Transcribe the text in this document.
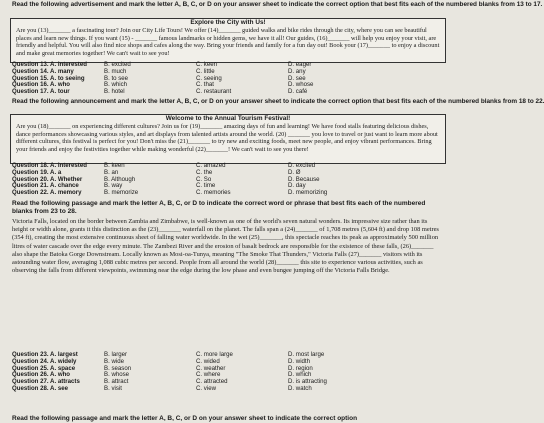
Read the following advertisement and mark the letter A, B, C, or D on your answer sheet to indicate the correct option that best fits each of the numbered blanks from 13 to 17.
Explore the City with Us!
Are you (13)_______ a fascinating tour? Join our City Life Tours! We offer (14)_______ guided walks and bike rides through the city, where you can see beautiful places and learn new things. If you want (15) - _______ famous landmarks or hidden gems, we have it all! Our guides, (16)_______ will help you enjoy your visit, are friendly and helpful. You will also find nice shops and cafes along the way. Bring your friends and family for a fun day out! Book your (17)_______ to enjoy a discount and make great memories together! We can't wait to see you!
Question 13. A. interested	B. excited	C. keen	D. eager
Question 14. A. many	B. much	C. little	D. any
Question 15. A. to seeing	B. to see	C. seeing	D. see
Question 16. A. who	B. which	C. that	D. whose
Question 17. A. tour	B. hotel	C. restaurant	D. café
Read the following announcement and mark the letter A, B, C, or D on your answer sheet to indicate the correct option that best fits each of the numbered blanks from 18 to 22.
Welcome to the Annual Tourism Festival!
Are you (18)_______ on experiencing different cultures? Join us for (19)_______ amazing days of fun and learning! We have food stalls featuring delicious dishes, dance performances showcasing various styles, and art displays from talented artists around the world. (20) _______ you love to travel or just want to learn more about different cultures, this festival is perfect for you! Don't miss the (21)_______ to try new and exciting foods, meet new people, and enjoy vibrant performances. Bring your friends and enjoy the festivities together while making wonderful (22)_______! We can't wait to see you there!
Question 18. A. interested	B. keen	C. amazed	D. excited
Question 19. A. a	B. an	C. the	D. Ø
Question 20. A. Whether	B. Although	C. So	D. Because
Question 21. A. chance	B. way	C. time	D. day
Question 22. A. memory	B. memorize	C. memories	D. memorizing
Read the following passage and mark the letter A, B, C, or D to indicate the correct word or phrase that best fits each of the numbered blanks from 23 to 28.
Victoria Falls, located on the border between Zambia and Zimbabwe, is well-known as one of the world's seven natural wonders. Its impressive size rather than its height or width alone, grants it this distinction as the (23)_______ waterfall on the planet. The falls span a (24)_______ of 1,708 metres (5,604 ft) and drop 108 metres (354 ft), creating the most extensive continuous sheet of falling water worldwide. In the wet (25)_______, this spectacle reaches its peak as approximately 500 million litres of water cascade over the edge every minute. The Zambezi River and the erosion of basalt bedrock are responsible for the existence of these falls, (26)_______ also shape the Batoka Gorge Downstream. Locally known as Mosi-oa-Tunya, meaning "The Smoke That Thunders," Victoria Falls (27)_______ visitors with its astounding water flow, averaging 1,088 cubic metres per second. People from all around the world (28)_______ this site to experience various activities, such as observing the falls from different viewpoints, swimming near the edge during the low phase and even bungee jumping off the Victoria Falls Bridge.
Question 23. A. largest	B. larger	C. more large	D. most large
Question 24. A. widely	B. wide	C. wided	D. width
Question 25. A. space	B. season	C. weather	D. region
Question 26. A. who	B. whose	C. where	D. which
Question 27. A. attracts	B. attract	C. attracted	D. is attracting
Question 28. A. see	B. visit	C. view	D. watch
Read the following passage and mark the letter A, B, C, or D on your answer sheet to indicate the correct option
